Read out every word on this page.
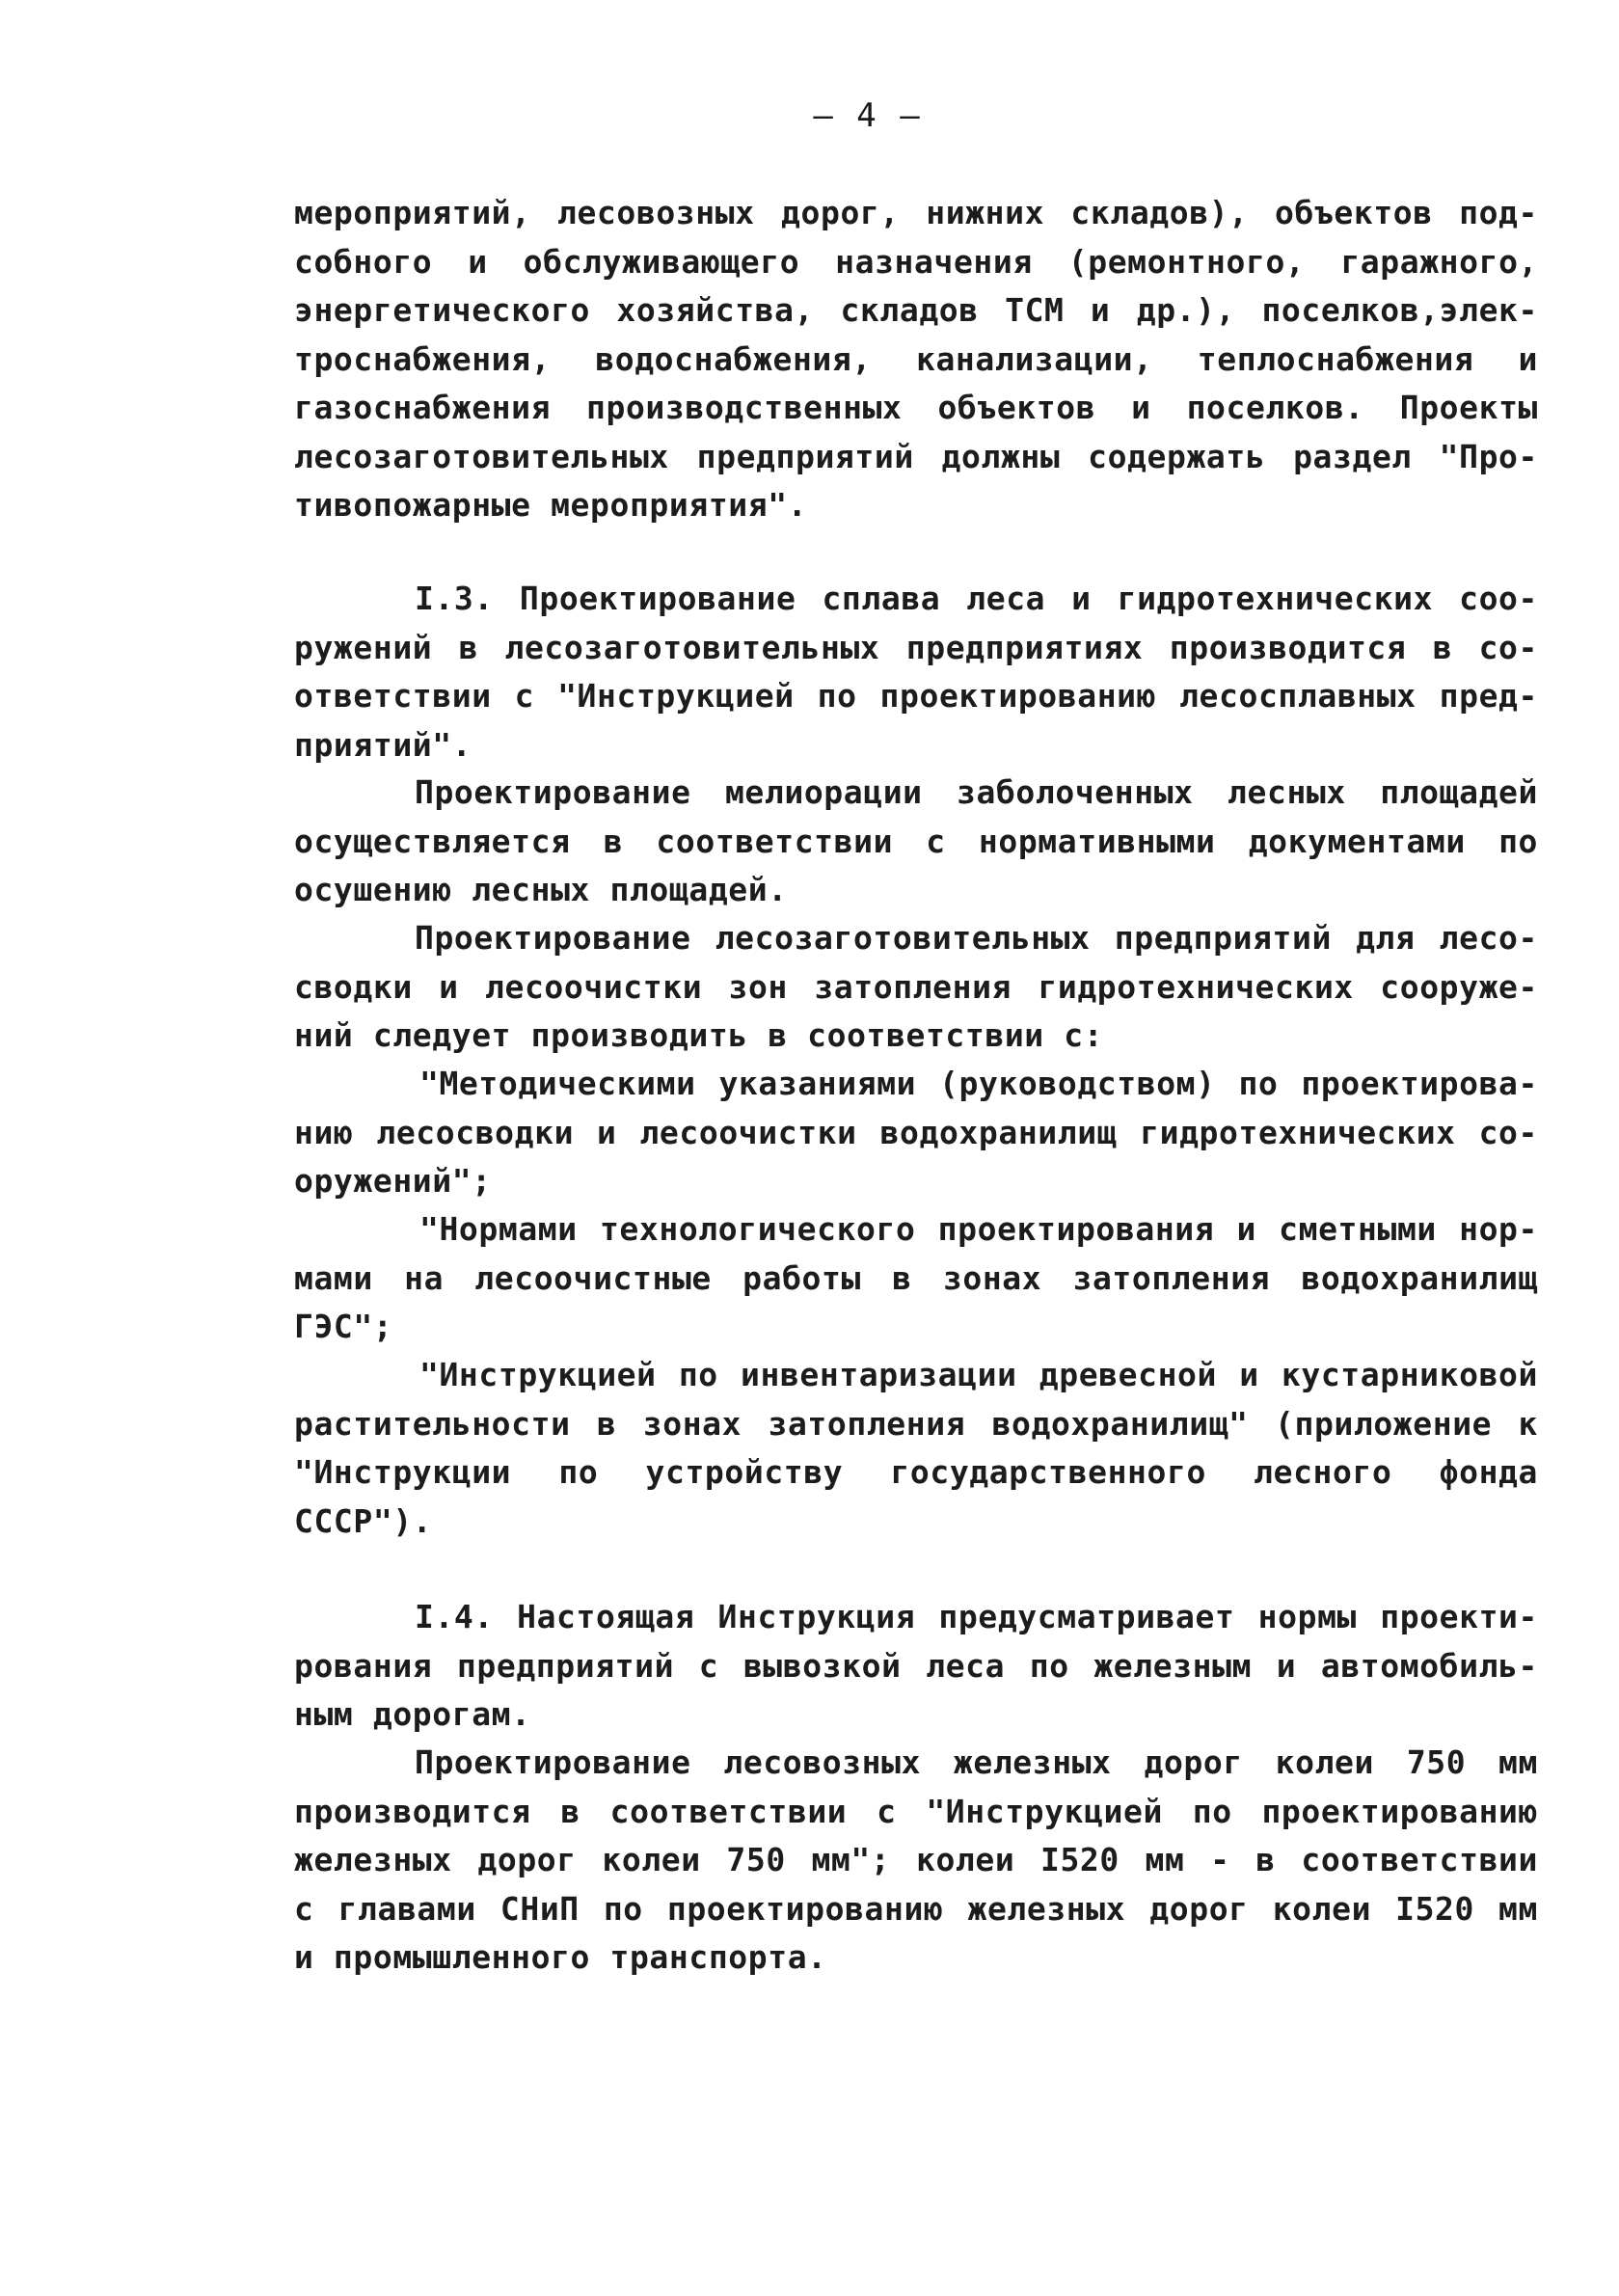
— 4 —
мероприятий, лесовозных дорог, нижних складов), объектов под-
собного и обслуживающего назначения (ремонтного, гаражного,
энергетического хозяйства, складов ТСМ и др.), поселков,элек-
троснабжения, водоснабжения, канализации, теплоснабжения и
газоснабжения производственных объектов и поселков. Проекты
лесозаготовительных предприятий должны содержать раздел "Про-
тивопожарные мероприятия".
I.3. Проектирование сплава леса и гидротехнических соо-
ружений в лесозаготовительных предприятиях производится в со-
ответствии с "Инструкцией по проектированию лесосплавных пред-
приятий".
Проектирование мелиорации заболоченных лесных площадей
осуществляется в соответствии с нормативными документами по
осушению лесных площадей.
Проектирование лесозаготовительных предприятий для лесо-
сводки и лесоочистки зон затопления гидротехнических сооруже-
ний следует производить в соответствии с:
"Методическими указаниями (руководством) по проектирова-
нию лесосводки и лесоочистки водохранилищ гидротехнических со-
оружений";
"Нормами технологического проектирования и сметными нор-
мами на лесоочистные работы в зонах затопления водохранилищ
ГЭС";
"Инструкцией по инвентаризации древесной и кустарниковой
растительности в зонах затопления водохранилищ" (приложение к
"Инструкции по устройству государственного лесного фонда
СССР").
I.4. Настоящая Инструкция предусматривает нормы проекти-
рования предприятий с вывозкой леса по железным и автомобиль-
ным дорогам.
Проектирование лесовозных железных дорог колеи 750 мм
производится в соответствии с "Инструкцией по проектированию
железных дорог колеи 750 мм"; колеи I520 мм - в соответствии
с главами СНиП по проектированию железных дорог колеи I520 мм
и промышленного транспорта.
